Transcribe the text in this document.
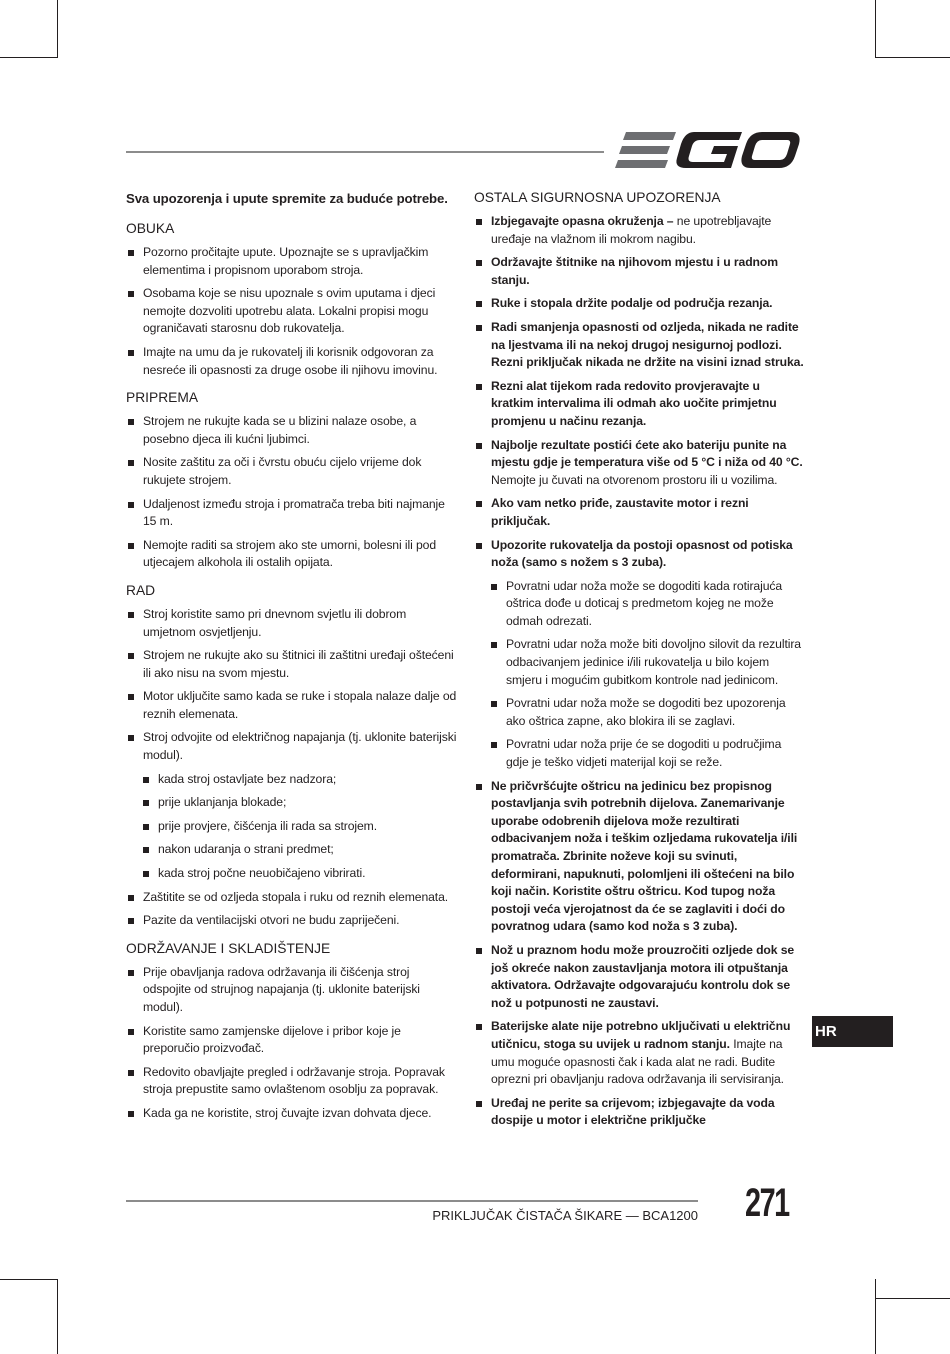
Sva upozorenja i upute spremite za buduće potrebe.

OBUKA
Pozorno pročitajte upute. Upoznajte se s upravljačkim elementima i propisnom uporabom stroja.
Osobama koje se nisu upoznale s ovim uputama i djeci nemojte dozvoliti upotrebu alata. Lokalni propisi mogu ograničavati starosnu dob rukovatelja.
Imajte na umu da je rukovatelj ili korisnik odgovoran za nesreće ili opasnosti za druge osobe ili njihovu imovinu.
PRIPREMA
Strojem ne rukujte kada se u blizini nalaze osobe, a posebno djeca ili kućni ljubimci.
Nosite zaštitu za oči i čvrstu obuću cijelo vrijeme dok rukujete strojem.
Udaljenost između stroja i promatrača treba biti najmanje 15 m.
Nemojte raditi sa strojem ako ste umorni, bolesni ili pod utjecajem alkohola ili ostalih opijata.
RAD
Stroj koristite samo pri dnevnom svjetlu ili dobrom umjetnom osvjetljenju.
Strojem ne rukujte ako su štitnici ili zaštitni uređaji oštećeni ili ako nisu na svom mjestu.
Motor uključite samo kada se ruke i stopala nalaze dalje od reznih elemenata.
Stroj odvojite od električnog napajanja (tj. uklonite baterijski modul).
kada stroj ostavljate bez nadzora;
prije uklanjanja blokade;
prije provjere, čišćenja ili rada sa strojem.
nakon udaranja o strani predmet;
kada stroj počne neuobičajeno vibrirati.
Zaštitite se od ozljeda stopala i ruku od reznih elemenata.
Pazite da ventilacijski otvori ne budu zapriječeni.
ODRŽAVANJE I SKLADIŠTENJE
Prije obavljanja radova održavanja ili čišćenja stroj odspojite od strujnog napajanja (tj. uklonite baterijski modul).
Koristite samo zamjenske dijelove i pribor koje je preporučio proizvođač.
Redovito obavljajte pregled i održavanje stroja. Popravak stroja prepustite samo ovlaštenom osoblju za popravak.
Kada ga ne koristite, stroj čuvajte izvan dohvata djece.
OSTALA SIGURNOSNA UPOZORENJA
Izbjegavajte opasna okruženja – ne upotrebljavajte uređaje na vlažnom ili mokrom nagibu.
Održavajte štitnike na njihovom mjestu i u radnom stanju.
Ruke i stopala držite podalje od područja rezanja.
Radi smanjenja opasnosti od ozljeda, nikada ne radite na ljestvama ili na nekoj drugoj nesigurnoj podlozi. Rezni priključak nikada ne držite na visini iznad struka.
Rezni alat tijekom rada redovito provjeravajte u kratkim intervalima ili odmah ako uočite primjetnu promjenu u načinu rezanja.
Najbolje rezultate postići ćete ako bateriju punite na mjestu gdje je temperatura više od 5 °C i niža od 40 °C. Nemojte ju čuvati na otvorenom prostoru ili u vozilima.
Ako vam netko priđe, zaustavite motor i rezni priključak.
Upozorite rukovatelja da postoji opasnost od potiska noža (samo s nožem s 3 zuba).
Povratni udar noža može se dogoditi kada rotirajuća oštrica dođe u doticaj s predmetom kojeg ne može odmah odrezati.
Povratni udar noža može biti dovoljno silovit da rezultira odbacivanjem jedinice i/ili rukovatelja u bilo kojem smjeru i mogućim gubitkom kontrole nad jedinicom.
Povratni udar noža može se dogoditi bez upozorenja ako oštrica zapne, ako blokira ili se zaglavi.
Povratni udar noža prije će se dogoditi u područjima gdje je teško vidjeti materijal koji se reže.
Ne pričvršćujte oštricu na jedinicu bez propisnog postavljanja svih potrebnih dijelova. Zanemarivanje uporabe odobrenih dijelova može rezultirati odbacivanjem noža i teškim ozljedama rukovatelja i/ili promatrača. Zbrinite noževe koji su svinuti, deformirani, napuknuti, polomljeni ili oštećeni na bilo koji način. Koristite oštru oštricu. Kod tupog noža postoji veća vjerojatnost da će se zaglaviti i doći do povratnog udara (samo kod noža s 3 zuba).
Nož u praznom hodu može prouzročiti ozljede dok se još okreće nakon zaustavljanja motora ili otpuštanja aktivatora. Održavajte odgovarajuću kontrolu dok se nož u potpunosti ne zaustavi.
Baterijske alate nije potrebno uključivati u električnu utičnicu, stoga su uvijek u radnom stanju. Imajte na umu moguće opasnosti čak i kada alat ne radi. Budite oprezni pri obavljanju radova održavanja ili servisiranja.
Uređaj ne perite sa crijevom; izbjegavajte da voda dospije u motor i električne priključke
HR
PRIKLJUČAK ČISTAČA ŠIKARE — BCA1200 271
